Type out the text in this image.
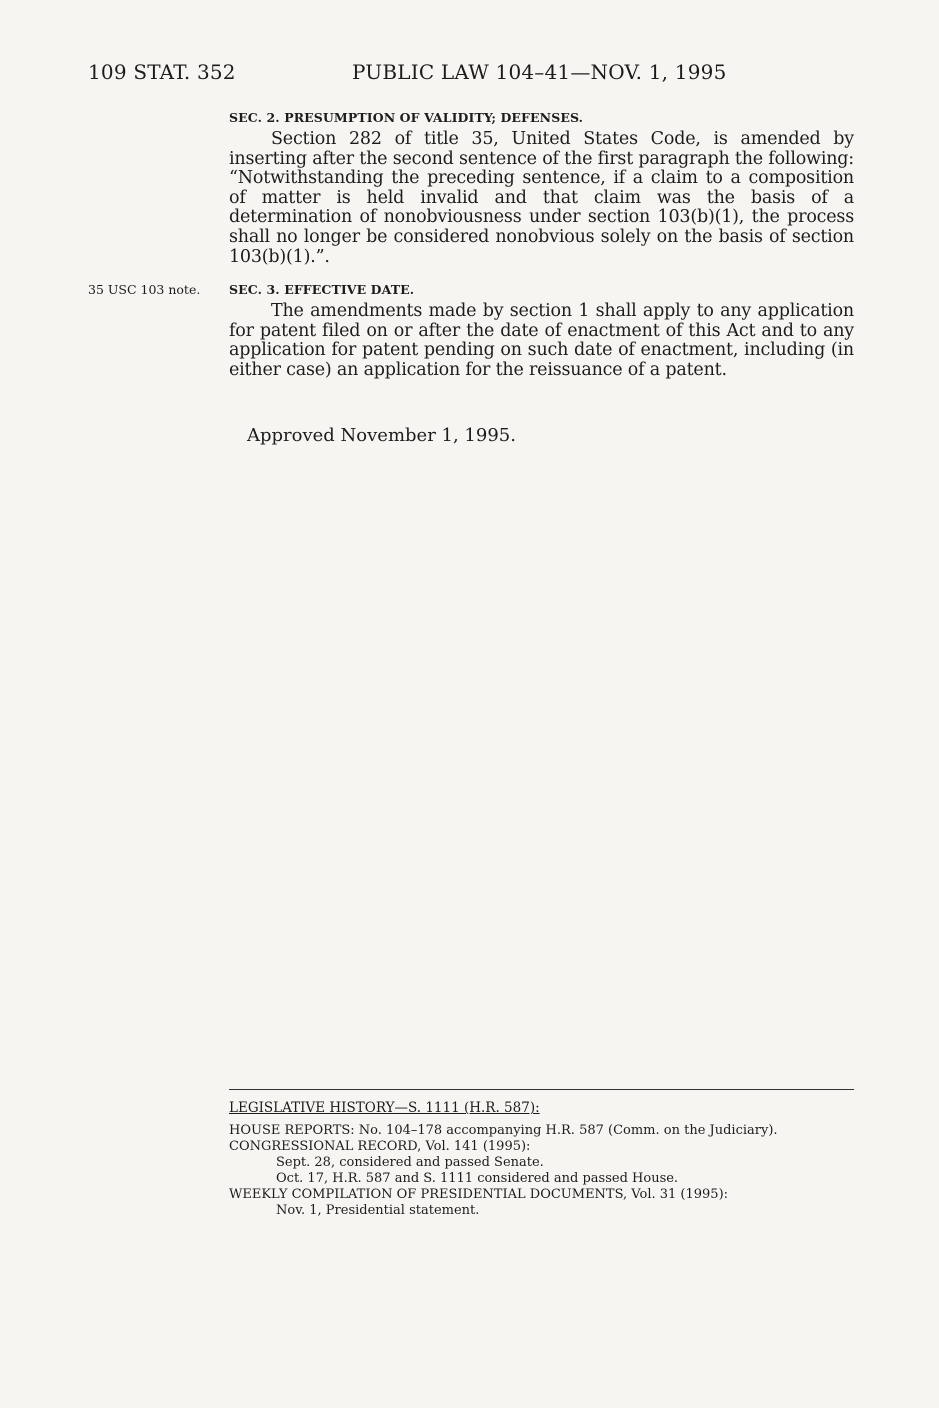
109 STAT. 352	PUBLIC LAW 104–41—NOV. 1, 1995
SEC. 2. PRESUMPTION OF VALIDITY; DEFENSES.

Section 282 of title 35, United States Code, is amended by inserting after the second sentence of the first paragraph the following: “Notwithstanding the preceding sentence, if a claim to a composition of matter is held invalid and that claim was the basis of a determination of nonobviousness under section 103(b)(1), the process shall no longer be considered nonobvious solely on the basis of section 103(b)(1).”.

35 USC 103 note. SEC. 3. EFFECTIVE DATE.

The amendments made by section 1 shall apply to any application for patent filed on or after the date of enactment of this Act and to any application for patent pending on such date of enactment, including (in either case) an application for the reissuance of a patent.

Approved November 1, 1995.
LEGISLATIVE HISTORY—S. 1111 (H.R. 587):
HOUSE REPORTS: No. 104–178 accompanying H.R. 587 (Comm. on the Judiciary).
CONGRESSIONAL RECORD, Vol. 141 (1995):
Sept. 28, considered and passed Senate.
Oct. 17, H.R. 587 and S. 1111 considered and passed House.
WEEKLY COMPILATION OF PRESIDENTIAL DOCUMENTS, Vol. 31 (1995):
Nov. 1, Presidential statement.
